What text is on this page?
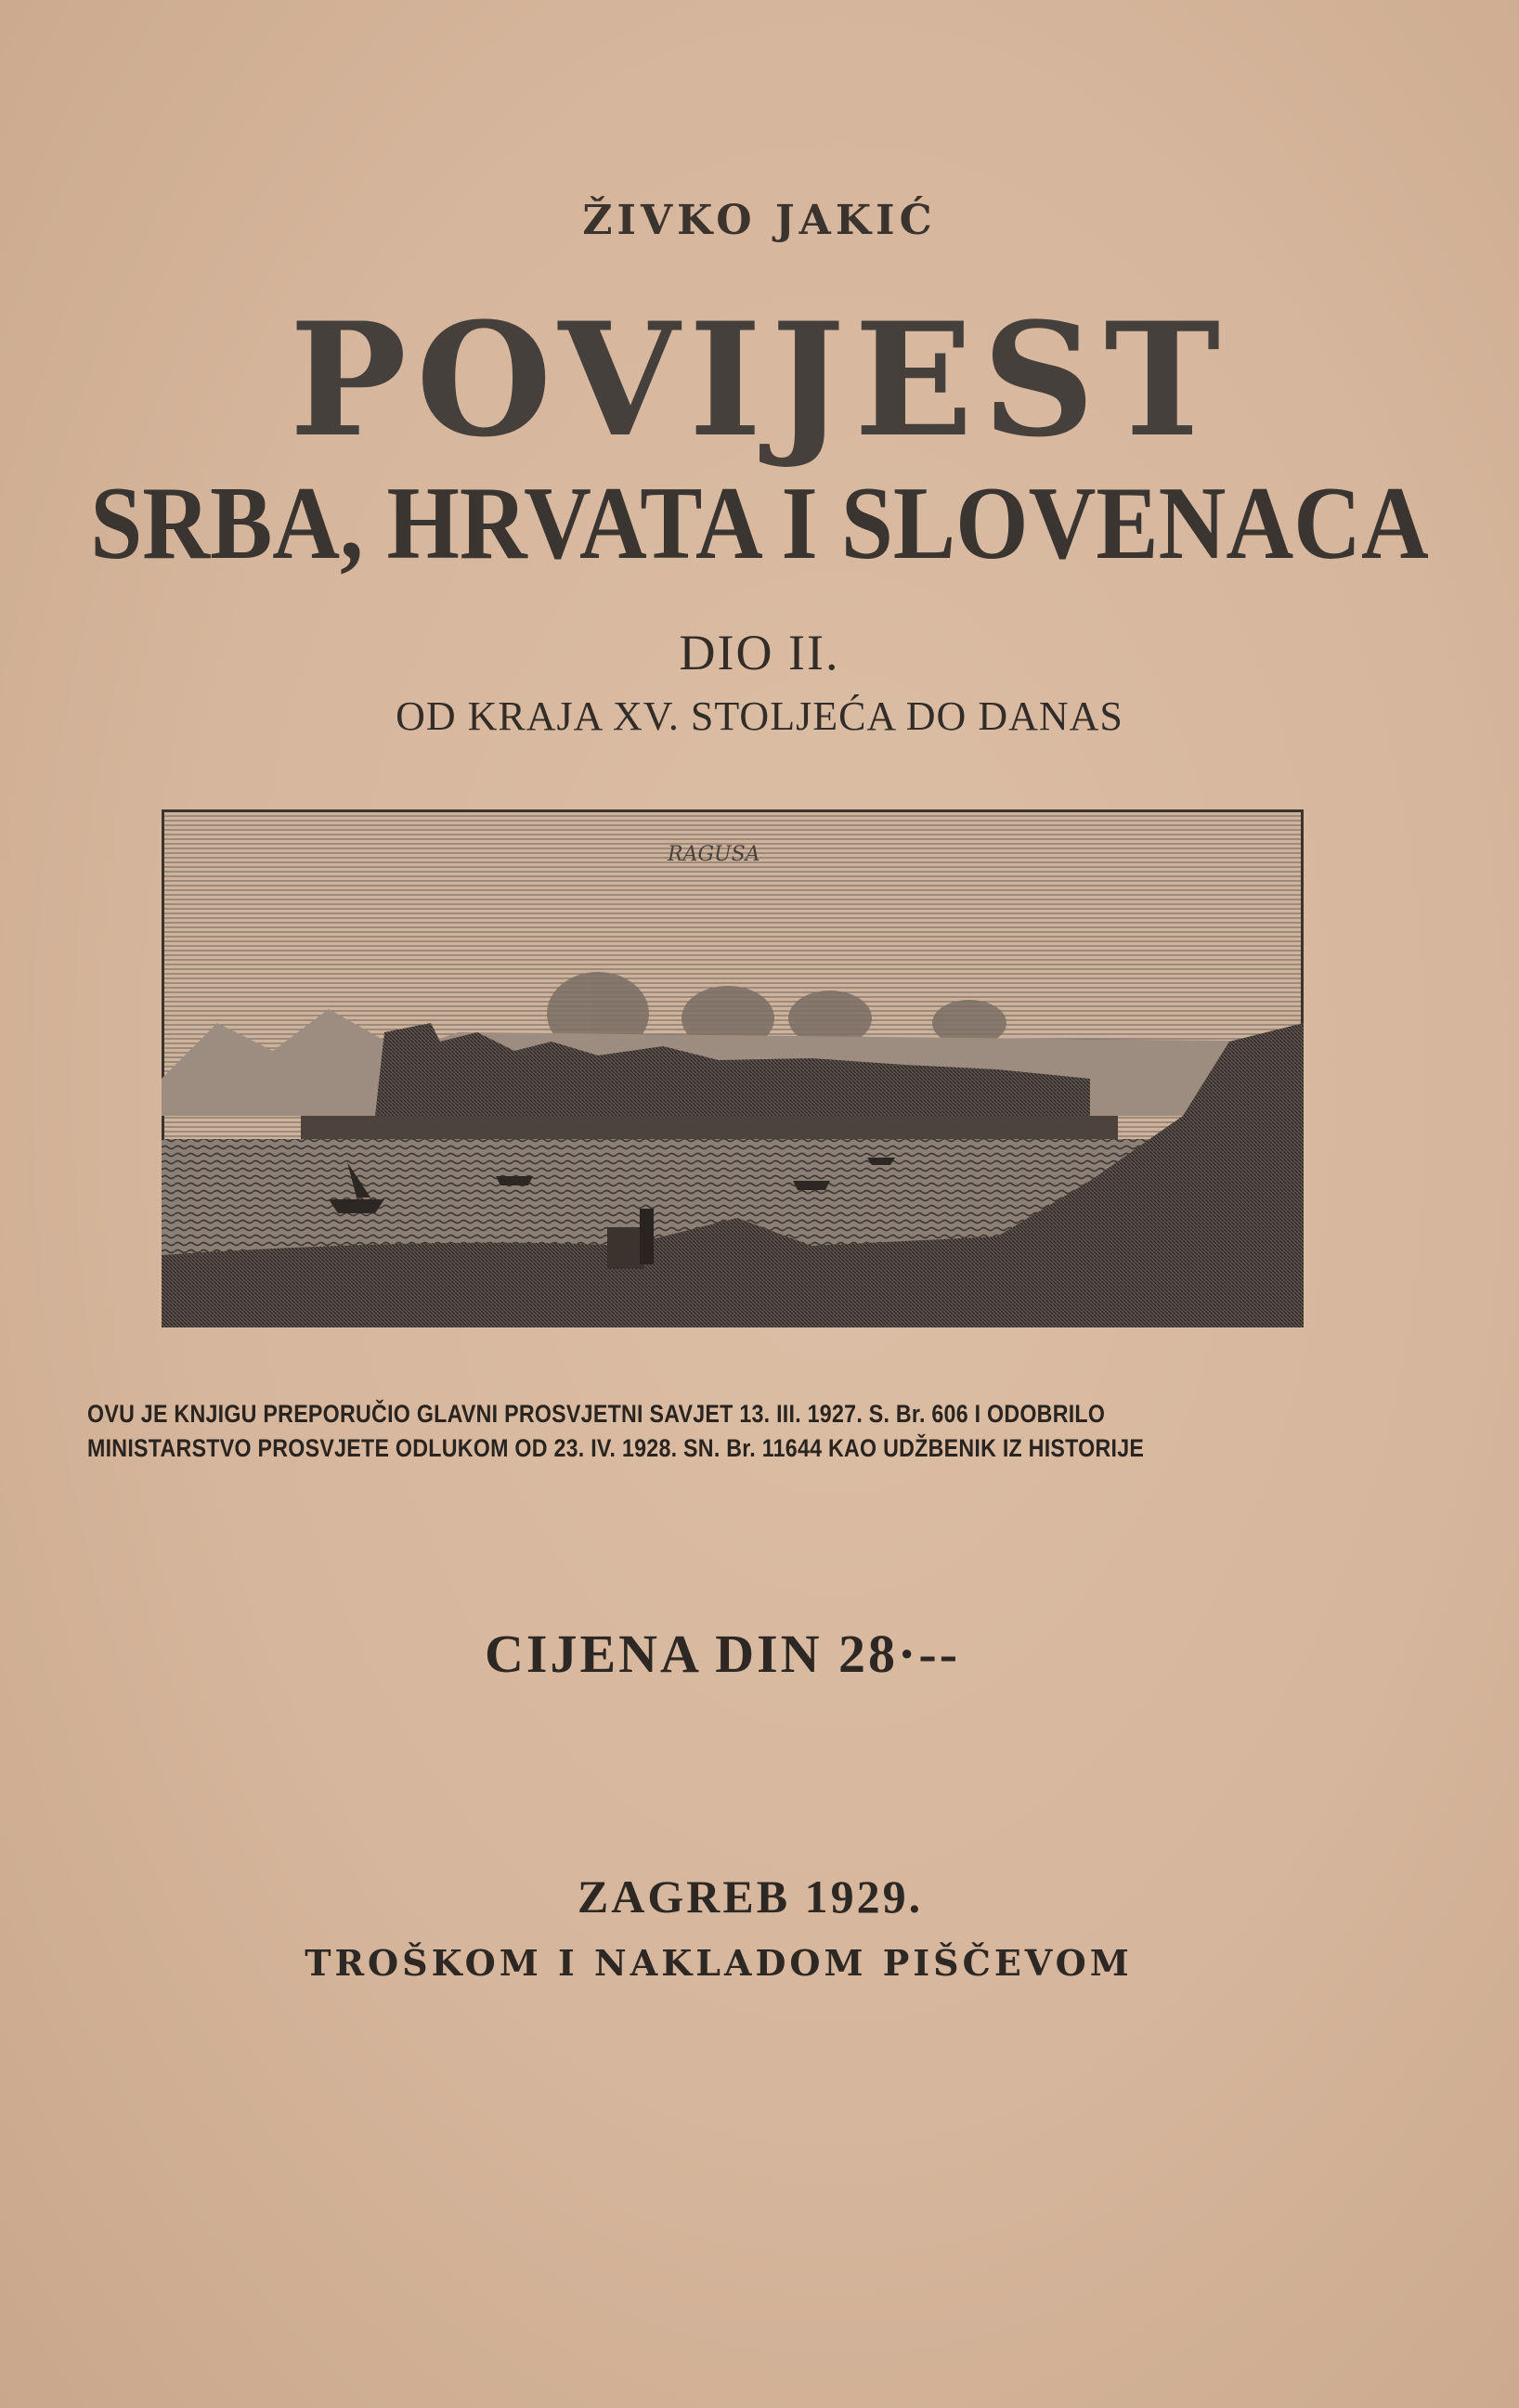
ŽIVKO JAKIĆ
POVIJEST
SRBA, HRVATA I SLOVENACA
DIO II.
OD KRAJA XV. STOLJEĆA DO DANAS
RAGUSA
OVU JE KNJIGU PREPORUČIO GLAVNI PROSVJETNI SAVJET 13. III. 1927. S. Br. 606 I ODOBRILO
MINISTARSTVO PROSVJETE ODLUKOM OD 23. IV. 1928. SN. Br. 11644 KAO UDŽBENIK IZ HISTORIJE
CIJENA DIN 28·--
ZAGREB 1929.
TROŠKOM I NAKLADOM PIŠČEVOM
